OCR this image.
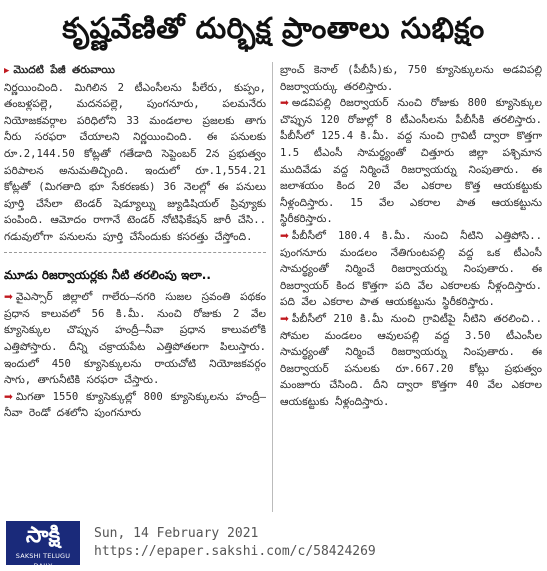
కృష్ణవేణితో దుర్భిక్ష ప్రాంతాలు సుభిక్షం

▶ మొదటి పేజీ తరువాయి

నిర్ణయించింది. మిగిలిన 2 టీఎంసీలను పీలేరు, కుప్పం, తంబళ్లపల్లె, మదనపల్లె, పుంగనూరు, పలమనేరు నియోజకవర్గాల పరిధిలోని 33 మండలాల ప్రజలకు తాగు నీరు సరఫరా చేయాలని నిర్ణయించింది. ఈ పనులకు రూ.2,144.50 కోట్లతో గతేడాది సెప్టెంబర్ 2న ప్రభుత్వం పరిపాలన అనుమతిచ్చింది. ఇందులో రూ.1,554.21 కోట్లతో (మిగతాది భూ సేకరణకు) 36 నెలల్లో ఈ పనులు పూర్తి చేసేలా టెండర్ షెడ్యూల్ను జ్యుడిషియల్ ప్రివ్యూకు పంపింది. ఆమోదం రాగానే టెండర్ నోటిఫికేషన్ జారీ చేసి.. గడువులోగా పనులను పూర్తి చేసేందుకు కసరత్తు చేస్తోంది.

మూడు రిజర్వాయర్లకు నీటి తరలింపు ఇలా..

➡ వైఎస్సార్ జిల్లాలో గాలేరు–నగరి సుజల స్రవంతి పథకం ప్రధాన కాలువలో 56 కి.మీ. నుంచి రోజుకు 2 వేల క్యూసెక్కుల చొప్పున హంద్రీ–నీవా ప్రధాన కాలువలోకి ఎత్తిపోస్తారు. దీన్ని చక్రాయపేట ఎత్తిపోతలగా పిలుస్తారు. ఇందులో 450 క్యూసెక్కులను రాయచోటి నియోజకవర్గం సాగు, తాగునీటికి సరఫరా చేస్తారు.

➡ మిగతా 1550 క్యూసెక్కుల్లో 800 క్యూసెక్కులను హంద్రీ–నీవా రెండో దశలోని పుంగనూరు

బ్రాంచ్ కెనాల్ (పీబీసీ)కు, 750 క్యూసెక్కులను అడవిపల్లి రిజర్వాయర్కు తరలిస్తారు.

➡ అడవిపల్లి రిజర్వాయర్ నుంచి రోజుకు 800 క్యూసెక్కుల చొప్పున 120 రోజుల్లో 8 టీఎంసీలను పీబీసీకి తరలిస్తారు. పీబీసీలో 125.4 కి.మీ. వద్ద నుంచి గ్రావిటీ ద్వారా కొత్తగా 1.5 టీఎంసీ సామర్థ్యంతో చిత్తూరు జిల్లా పశ్చిమాన ముదివేడు వద్ద నిర్మించే రిజర్వాయర్ను నింపుతారు. ఈ జలాశయం కింద 20 వేల ఎకరాల కొత్త ఆయకట్టుకు నీళ్లందిస్తారు. 15 వేల ఎకరాల పాత ఆయకట్టును స్థిరీకరిస్తారు.

➡ పీబీసీలో 180.4 కి.మీ. నుంచి నీటిని ఎత్తిపోసి.. పుంగనూరు మండలం నేతిగుంటపల్లి వద్ద ఒక టీఎంసీ సామర్థ్యంతో నిర్మించే రిజర్వాయర్ను నింపుతారు. ఈ రిజర్వాయర్ కింద కొత్తగా పది వేల ఎకరాలకు నీళ్లందిస్తారు. పది వేల ఎకరాల పాత ఆయకట్టును స్థిరీకరిస్తారు.

➡ పీబీసీలో 210 కి.మీ నుంచి గ్రావిటీపై నీటిని తరలించి.. సోమల మండలం ఆవులపల్లి వద్ద 3.50 టీఎంసీల సామర్థ్యంతో నిర్మించే రిజర్వాయర్ను నింపుతారు. ఈ రిజర్వాయర్ పనులకు రూ.667.20 కోట్లు ప్రభుత్వం మంజూరు చేసింది. దీని ద్వారా కొత్తగా 40 వేల ఎకరాల ఆయకట్టుకు నీళ్లందిస్తారు.

సాక్షి
SAKSHI TELUGU DAILY
Sun, 14 February 2021
https://epaper.sakshi.com/c/58424269
